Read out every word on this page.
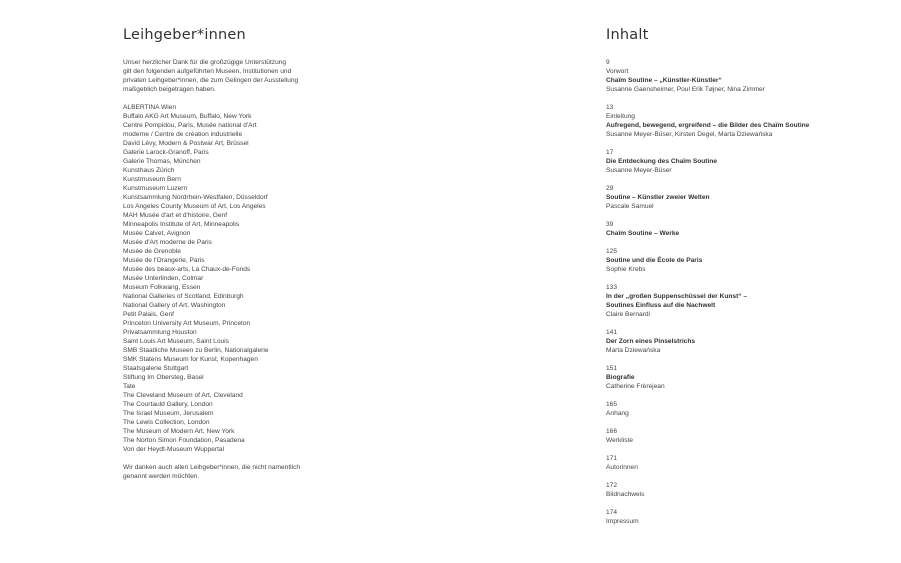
Leihgeber*innen
Unser herzlicher Dank für die großzügige Unterstützung
gilt den folgenden aufgeführten Museen, Institutionen und
privaten Leihgeber*innen, die zum Gelingen der Ausstellung
maßgeblich beigetragen haben.
ALBERTINA Wien
Buffalo AKG Art Museum, Buffalo, New York
Centre Pompidou, Paris, Musée national d'Art
moderne / Centre de création industrielle
David Lévy, Modern & Postwar Art, Brüssel
Galerie Larock-Granoff, Paris
Galerie Thomas, München
Kunsthaus Zürich
Kunstmuseum Bern
Kunstmuseum Luzern
Kunstsammlung Nordrhein-Westfalen, Düsseldorf
Los Angeles County Museum of Art, Los Angeles
MAH Musée d'art et d'histoire, Genf
Minneapolis Institute of Art, Minneapolis
Musée Calvet, Avignon
Musée d'Art moderne de Paris
Musée de Grenoble
Musée de l'Orangerie, Paris
Musée des beaux-arts, La Chaux-de-Fonds
Musée Unterlinden, Colmar
Museum Folkwang, Essen
National Galleries of Scotland, Edinburgh
National Gallery of Art, Washington
Petit Palais, Genf
Princeton University Art Museum, Princeton
Privatsammlung Houston
Saint Louis Art Museum, Saint Louis
SMB Staatliche Museen zu Berlin, Nationalgalerie
SMK Statens Museum for Kunst, Kopenhagen
Staatsgalerie Stuttgart
Stiftung Im Obersteg, Basel
Tate
The Cleveland Museum of Art, Cleveland
The Courtauld Gallery, London
The Israel Museum, Jerusalem
The Lewis Collection, London
The Museum of Modern Art, New York
The Norton Simon Foundation, Pasadena
Von der Heydt-Museum Wuppertal
Wir danken auch allen Leihgeber*innen, die nicht namentlich
genannt werden möchten.
Inhalt
9
Vorwort
Chaïm Soutine – „Künstler-Künstler“
Susanne Gaensheimer, Poul Erik Tøjner, Nina Zimmer
13
Einleitung
Aufregend, bewegend, ergreifend – die Bilder des Chaïm Soutine
Susanne Meyer-Büser, Kirsten Degel, Marta Dziewańska
17
Die Entdeckung des Chaïm Soutine
Susanne Meyer-Büser
29
Soutine – Künstler zweier Welten
Pascale Samuel
39
Chaïm Soutine – Werke
125
Soutine und die École de Paris
Sophie Krebs
133
In der „großen Suppenschüssel der Kunst“ –
Soutines Einfluss auf die Nachwelt
Claire Bernardi
141
Der Zorn eines Pinselstrichs
Marta Dziewańska
151
Biografie
Catherine Frèrejean
165
Anhang
166
Werkliste
171
Autorinnen
172
Bildnachweis
174
Impressum
